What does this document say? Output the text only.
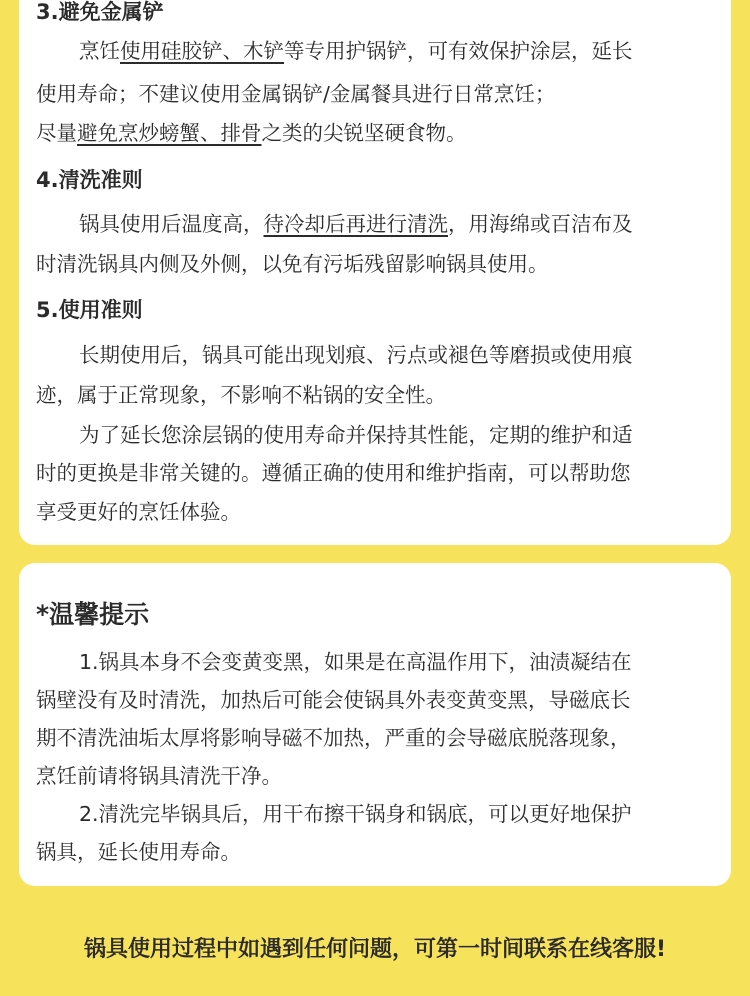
3.避免金属铲

烹饪使用硅胶铲、木铲等专用护锅铲，可有效保护涂层，延长

使用寿命；不建议使用金属锅铲/金属餐具进行日常烹饪；

尽量避免烹炒螃蟹、排骨之类的尖锐坚硬食物。

4.清洗准则

锅具使用后温度高，待冷却后再进行清洗，用海绵或百洁布及

时清洗锅具内侧及外侧，以免有污垢残留影响锅具使用。

5.使用准则

长期使用后，锅具可能出现划痕、污点或褪色等磨损或使用痕

迹，属于正常现象，不影响不粘锅的安全性。

为了延长您涂层锅的使用寿命并保持其性能，定期的维护和适

时的更换是非常关键的。遵循正确的使用和维护指南，可以帮助您

享受更好的烹饪体验。

*温馨提示

1.锅具本身不会变黄变黑，如果是在高温作用下，油渍凝结在

锅壁没有及时清洗，加热后可能会使锅具外表变黄变黑，导磁底长

期不清洗油垢太厚将影响导磁不加热，严重的会导磁底脱落现象，

烹饪前请将锅具清洗干净。

2.清洗完毕锅具后，用干布擦干锅身和锅底，可以更好地保护

锅具，延长使用寿命。

锅具使用过程中如遇到任何问题，可第一时间联系在线客服!
